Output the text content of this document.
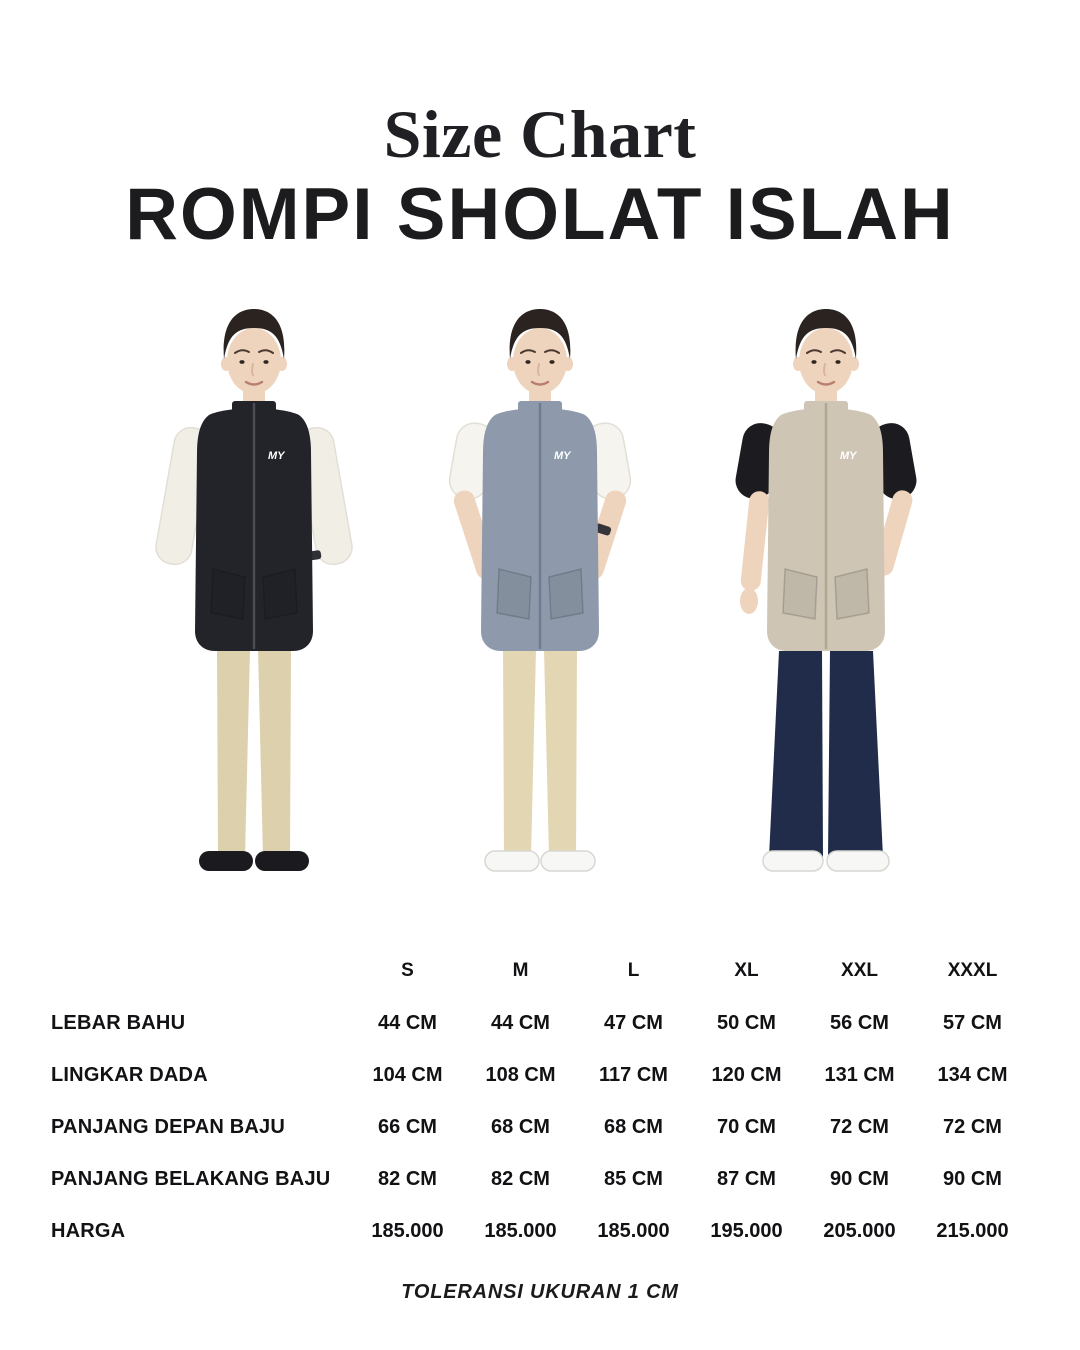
Size Chart
ROMPI SHOLAT ISLAH
MY	MY	MY
S	M	L	XL	XXL	XXXL
LEBAR BAHU	44 CM	44 CM	47 CM	50 CM	56 CM	57 CM
LINGKAR DADA	104 CM	108 CM	117 CM	120 CM	131 CM	134 CM
PANJANG DEPAN BAJU	66 CM	68 CM	68 CM	70 CM	72 CM	72 CM
PANJANG BELAKANG BAJU	82 CM	82 CM	85 CM	87 CM	90 CM	90 CM
HARGA	185.000	185.000	185.000	195.000	205.000	215.000
TOLERANSI UKURAN 1 CM
